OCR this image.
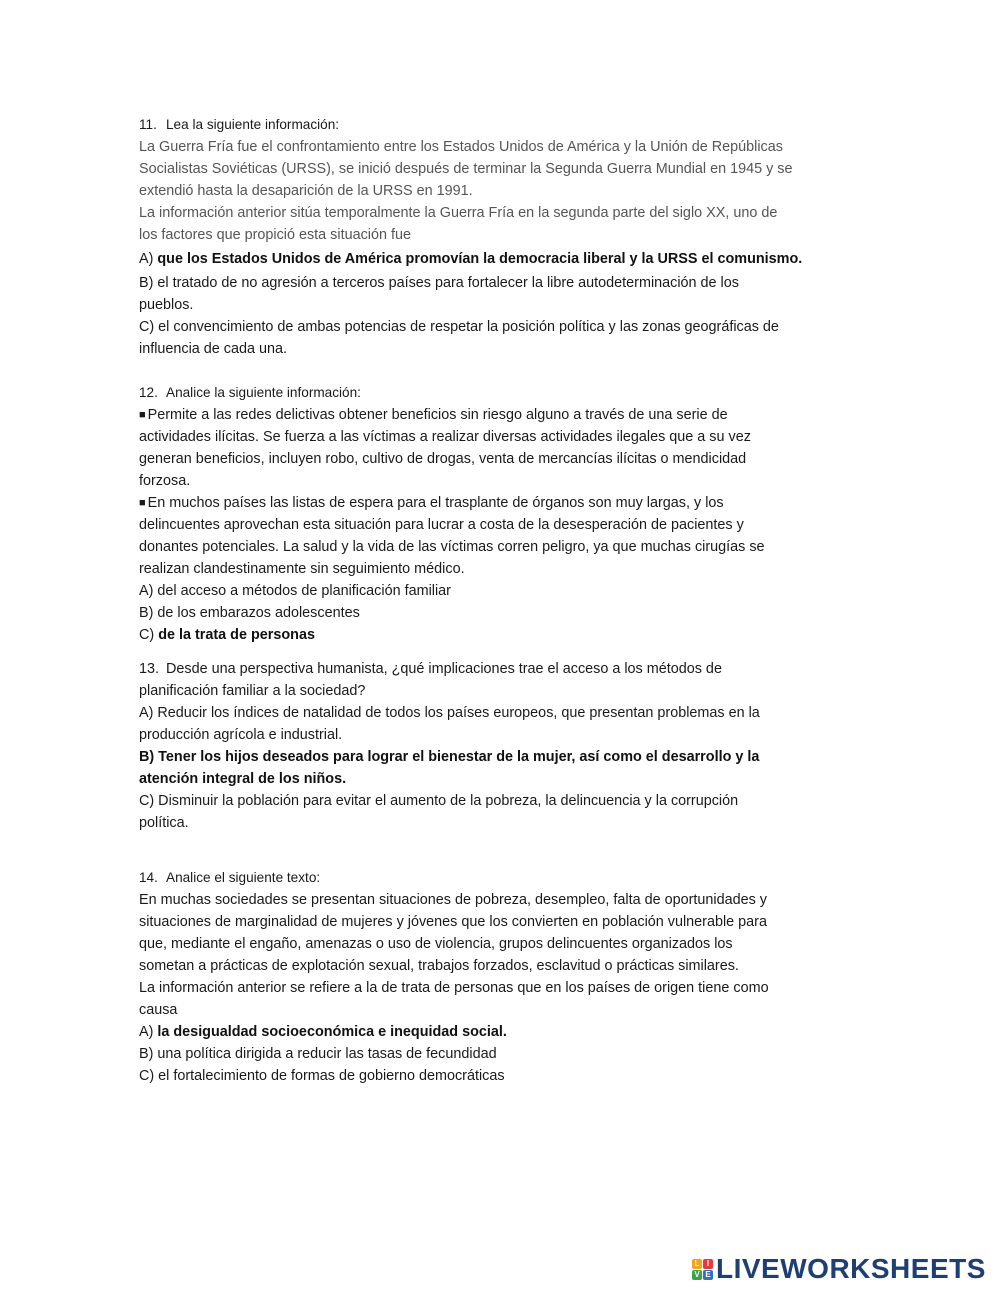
11. Lea la siguiente información:

La Guerra Fría fue el confrontamiento entre los Estados Unidos de América y la Unión de Repúblicas

Socialistas Soviéticas (URSS), se inició después de terminar la Segunda Guerra Mundial en 1945 y se

extendió hasta la desaparición de la URSS en 1991.

La información anterior sitúa temporalmente la Guerra Fría en la segunda parte del siglo XX, uno de

los factores que propició esta situación fue

A) que los Estados Unidos de América promovían la democracia liberal y la URSS el comunismo.

B) el tratado de no agresión a terceros países para fortalecer la libre autodeterminación de los

pueblos.

C) el convencimiento de ambas potencias de respetar la posición política y las zonas geográficas de

influencia de cada una.

12. Analice la siguiente información:

■ Permite a las redes delictivas obtener beneficios sin riesgo alguno a través de una serie de

actividades ilícitas. Se fuerza a las víctimas a realizar diversas actividades ilegales que a su vez

generan beneficios, incluyen robo, cultivo de drogas, venta de mercancías ilícitas o mendicidad

forzosa.

■ En muchos países las listas de espera para el trasplante de órganos son muy largas, y los

delincuentes aprovechan esta situación para lucrar a costa de la desesperación de pacientes y

donantes potenciales. La salud y la vida de las víctimas corren peligro, ya que muchas cirugías se

realizan clandestinamente sin seguimiento médico.

A) del acceso a métodos de planificación familiar

B) de los embarazos adolescentes

C) de la trata de personas

13. Desde una perspectiva humanista, ¿qué implicaciones trae el acceso a los métodos de

planificación familiar a la sociedad?

A) Reducir los índices de natalidad de todos los países europeos, que presentan problemas en la

producción agrícola e industrial.

B) Tener los hijos deseados para lograr el bienestar de la mujer, así como el desarrollo y la

atención integral de los niños.

C) Disminuir la población para evitar el aumento de la pobreza, la delincuencia y la corrupción

política.

14. Analice el siguiente texto:

En muchas sociedades se presentan situaciones de pobreza, desempleo, falta de oportunidades y

situaciones de marginalidad de mujeres y jóvenes que los convierten en población vulnerable para

que, mediante el engaño, amenazas o uso de violencia, grupos delincuentes organizados los

sometan a prácticas de explotación sexual, trabajos forzados, esclavitud o prácticas similares.

La información anterior se refiere a la de trata de personas que en los países de origen tiene como

causa

A) la desigualdad socioeconómica e inequidad social.

B) una política dirigida a reducir las tasas de fecundidad

C) el fortalecimiento de formas de gobierno democráticas

L I
V E LIVEWORKSHEETS
